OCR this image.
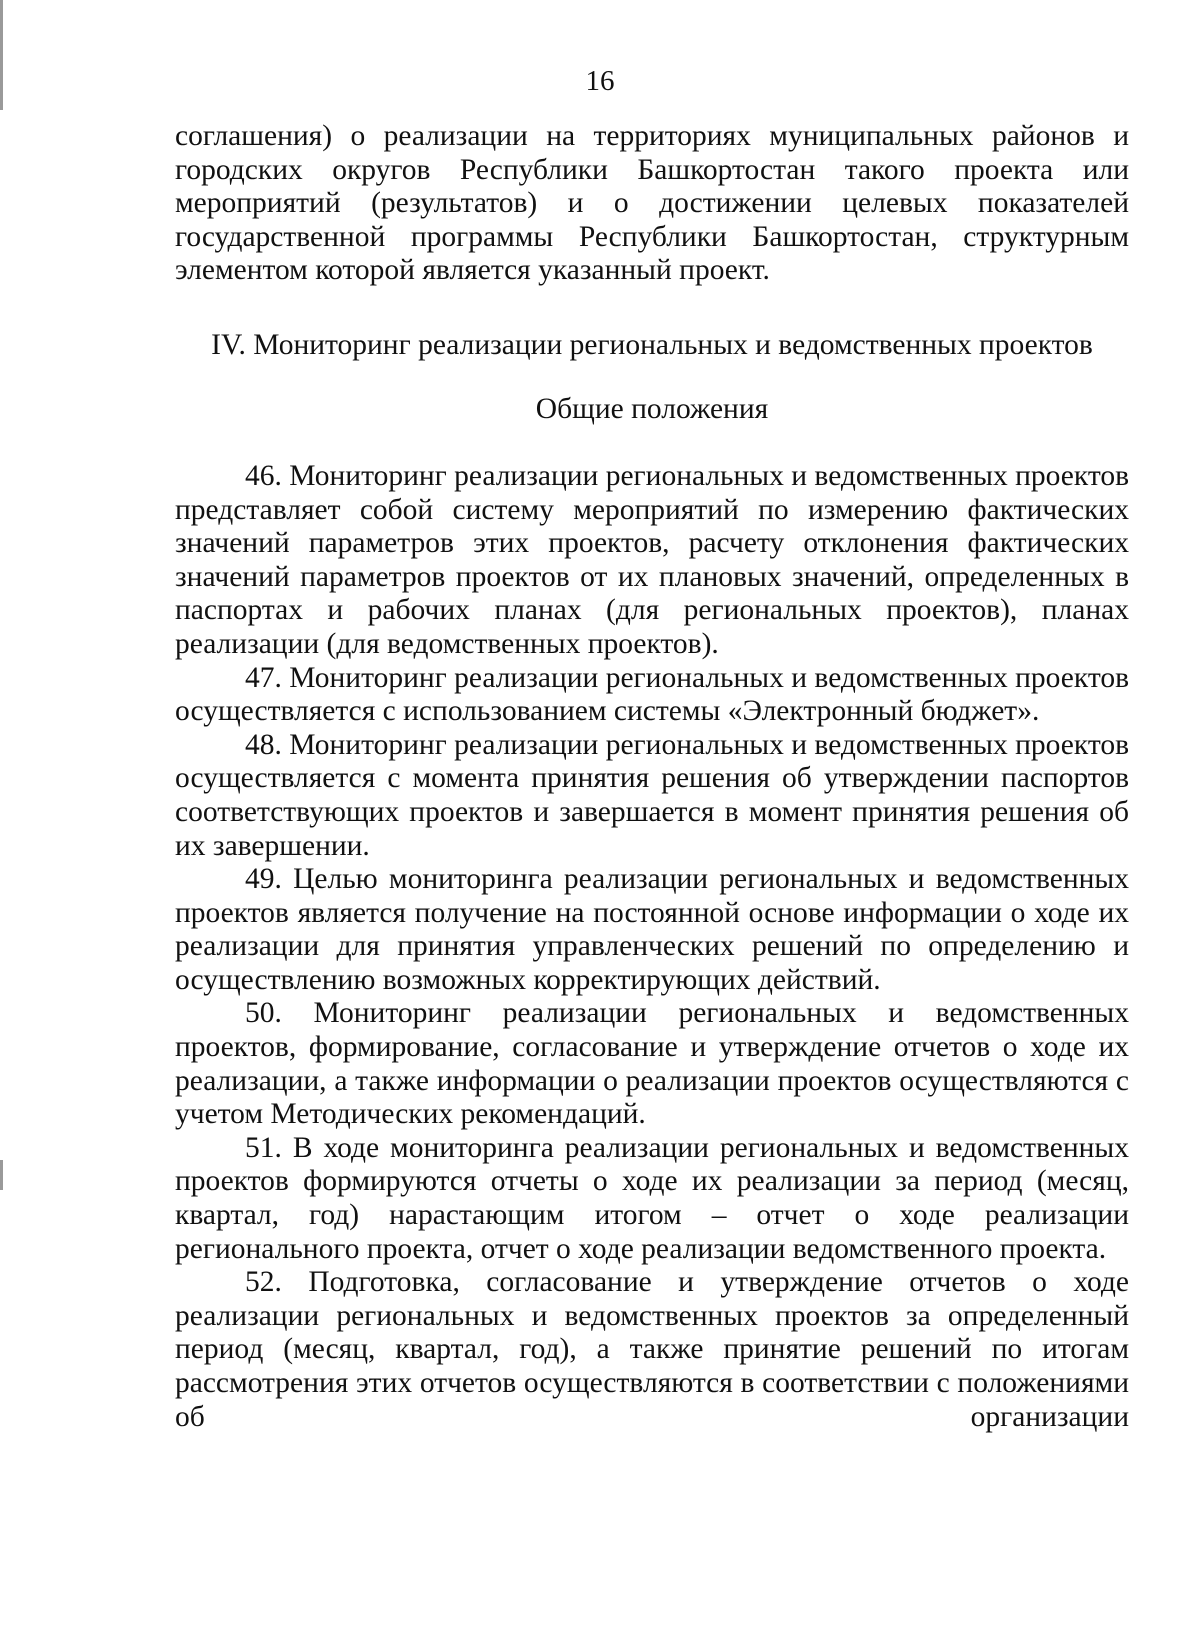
16

соглашения) о реализации на территориях муниципальных районов и городских округов Республики Башкортостан такого проекта или мероприятий (результатов) и о достижении целевых показателей государственной программы Республики Башкортостан, структурным элементом которой является указанный проект.

IV. Мониторинг реализации региональных и ведомственных проектов

Общие положения

46. Мониторинг реализации региональных и ведомственных проектов представляет собой систему мероприятий по измерению фактических значений параметров этих проектов, расчету отклонения фактических значений параметров проектов от их плановых значений, определенных в паспортах и рабочих планах (для региональных проектов), планах реализации (для ведомственных проектов).

47. Мониторинг реализации региональных и ведомственных проектов осуществляется с использованием системы «Электронный бюджет».

48. Мониторинг реализации региональных и ведомственных проектов осуществляется с момента принятия решения об утверждении паспортов соответствующих проектов и завершается в момент принятия решения об их завершении.

49. Целью мониторинга реализации региональных и ведомственных проектов является получение на постоянной основе информации о ходе их реализации для принятия управленческих решений по определению и осуществлению возможных корректирующих действий.

50. Мониторинг реализации региональных и ведомственных проектов, формирование, согласование и утверждение отчетов о ходе их реализации, а также информации о реализации проектов осуществляются с учетом Методических рекомендаций.

51. В ходе мониторинга реализации региональных и ведомственных проектов формируются отчеты о ходе их реализации за период (месяц, квартал, год) нарастающим итогом – отчет о ходе реализации регионального проекта, отчет о ходе реализации ведомственного проекта.

52. Подготовка, согласование и утверждение отчетов о ходе реализации региональных и ведомственных проектов за определенный период (месяц, квартал, год), а также принятие решений по итогам рассмотрения этих отчетов осуществляются в соответствии с положениями об организации
